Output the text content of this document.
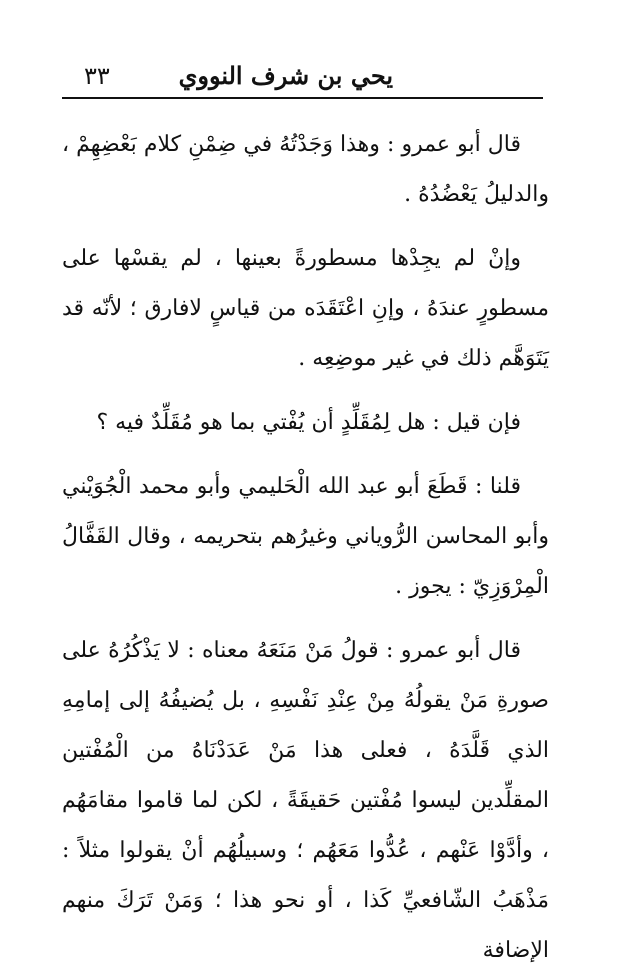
يحي بن شرف النووي
٣٣

قال أبو عمرو : وهذا وَجَدْتُهُ في ضِمْنِ كلام بَعْضِهِمْ ، والدليلُ يَعْضُدُهُ .

وإنْ لم يجِدْها مسطورةً بعينها ، لم يقسْها على مسطورٍ عندَهُ ، وإنِ اعْتَقَدَه من قياسٍ لافارق ؛ لأنّه قد يَتَوَهَّم ذلك في غير موضِعِه .

فإن قيل : هل لِمُقَلِّدٍ أن يُفْتي بما هو مُقَلِّدٌ فيه ؟

قلنا : قَطَعَ أبو عبد الله الْحَليمي وأبو محمد الْجُوَيْني وأبو المحاسن الرُّوياني وغيرُهم بتحريمه ، وقال القَفَّالُ الْمِرْوَزِيّ : يجوز .

قال أبو عمرو : قولُ مَنْ مَنَعَهُ معناه : لا يَذْكُرُهُ على صورةِ مَنْ يقولُهُ مِنْ عِنْدِ نَفْسِهِ ، بل يُضيفُهُ إلى إمامِهِ الذي قَلَّدَهُ ، فعلى هذا مَنْ عَدَدْنَاهُ من الْمُفْتين المقلِّدين ليسوا مُفْتين حَقيقَةً ، لكن لما قاموا مقامَهُم ، وأدَّوْا عَنْهم ، عُدُّوا مَعَهُم ؛ وسبيلُهُم أنْ يقولوا مثلاً : مَذْهَبُ الشّافعيِّ كَذا ، أو نحو هذا ؛ وَمَنْ تَرَكَ منهم الإضافة
